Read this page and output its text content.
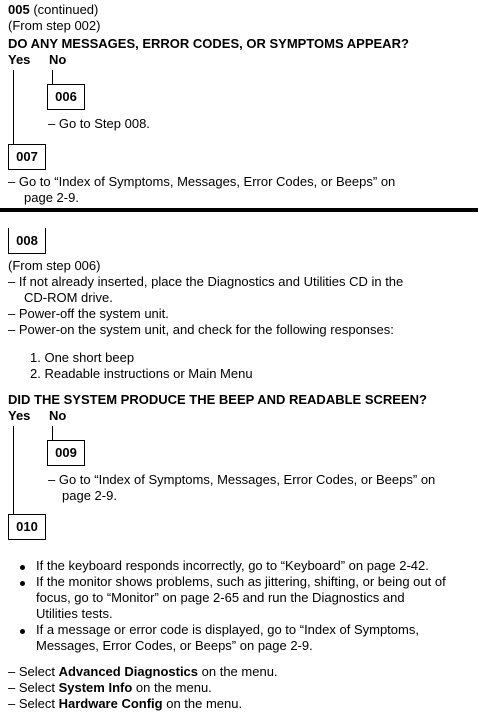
005 (continued)
(From step 002)
DO ANY MESSAGES, ERROR CODES, OR SYMPTOMS APPEAR?
Yes No
006
– Go to Step 008.
007
– Go to “Index of Symptoms, Messages, Error Codes, or Beeps” on
page 2-9.
008
(From step 006)
– If not already inserted, place the Diagnostics and Utilities CD in the
CD-ROM drive.
– Power-off the system unit.
– Power-on the system unit, and check for the following responses:
1. One short beep
2. Readable instructions or Main Menu
DID THE SYSTEM PRODUCE THE BEEP AND READABLE SCREEN?
Yes No
009
– Go to “Index of Symptoms, Messages, Error Codes, or Beeps” on
page 2-9.
010
If the keyboard responds incorrectly, go to “Keyboard” on page 2-42.
If the monitor shows problems, such as jittering, shifting, or being out of
focus, go to “Monitor” on page 2-65 and run the Diagnostics and
Utilities tests.
If a message or error code is displayed, go to “Index of Symptoms,
Messages, Error Codes, or Beeps” on page 2-9.
– Select Advanced Diagnostics on the menu.
– Select System Info on the menu.
– Select Hardware Config on the menu.
